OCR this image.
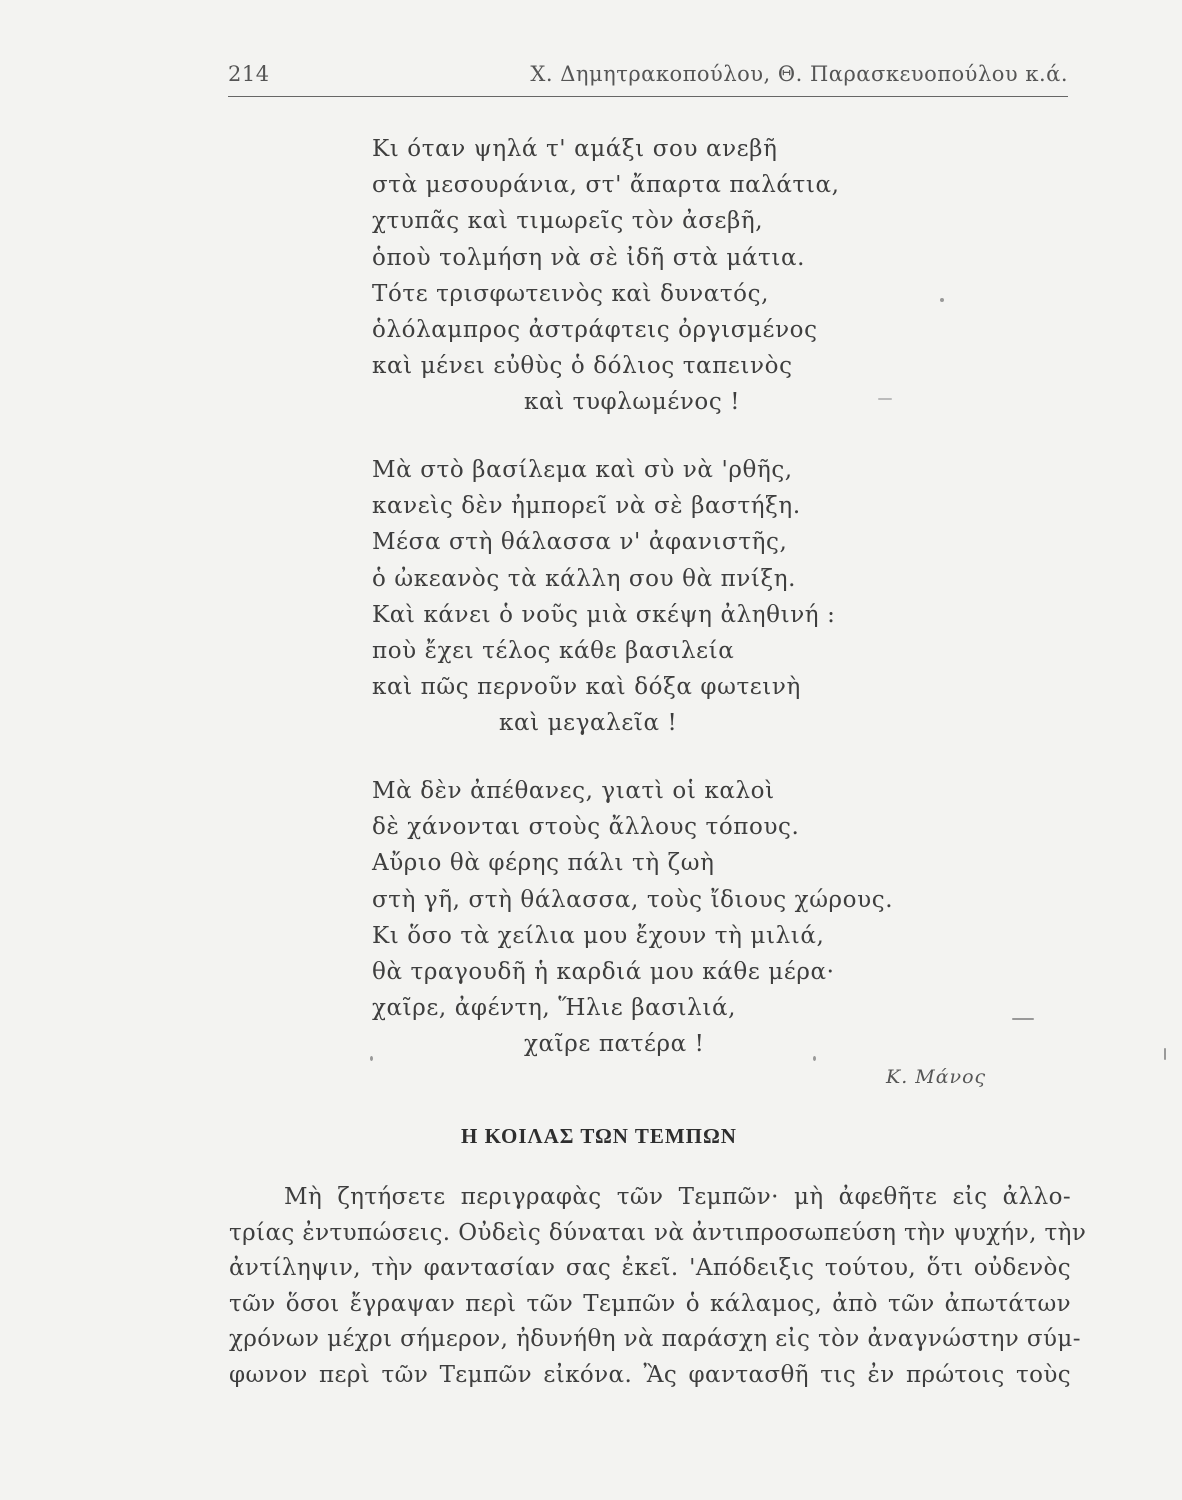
214	Χ. Δημητρακοπούλου, Θ. Παρασκευοπούλου κ.ά.
Κι όταν ψηλά τ' αμάξι σου ανεβῆ
στὰ μεσουράνια, στ' ἄπαρτα παλάτια,
χτυπᾶς καὶ τιμωρεῖς τὸν ἀσεβῆ,
ὁποὺ τολμήση νὰ σὲ ἰδῆ στὰ μάτια.
Τότε τρισφωτεινὸς καὶ δυνατός,
ὁλόλαμπρος ἀστράφτεις ὀργισμένος
καὶ μένει εὐθὺς ὁ δόλιος ταπεινὸς
καὶ τυφλωμένος !
Μὰ στὸ βασίλεμα καὶ σὺ νὰ 'ρθῆς,
κανεὶς δὲν ἠμπορεῖ νὰ σὲ βαστήξη.
Μέσα στὴ θάλασσα ν' ἀφανιστῆς,
ὁ ὠκεανὸς τὰ κάλλη σου θὰ πνίξη.
Καὶ κάνει ὁ νοῦς μιὰ σκέψη ἀληθινή :
ποὺ ἔχει τέλος κάθε βασιλεία
καὶ πῶς περνοῦν καὶ δόξα φωτεινὴ
καὶ μεγαλεῖα !
Μὰ δὲν ἀπέθανες, γιατὶ οἱ καλοὶ
δὲ χάνονται στοὺς ἄλλους τόπους.
Αὔριο θὰ φέρης πάλι τὴ ζωὴ
στὴ γῆ, στὴ θάλασσα, τοὺς ἴδιους χώρους.
Κι ὅσο τὰ χείλια μου ἔχουν τὴ μιλιά,
θὰ τραγουδῆ ἡ καρδιά μου κάθε μέρα·
χαῖρε, ἀφέντη, Ἥλιε βασιλιά,
χαῖρε πατέρα !
Κ. Μάνος
Η ΚΟΙΛΑΣ ΤΩΝ ΤΕΜΠΩΝ
Μὴ ζητήσετε περιγραφὰς τῶν Τεμπῶν· μὴ ἀφεθῆτε εἰς ἀλλο-
τρίας ἐντυπώσεις. Οὐδεὶς δύναται νὰ ἀντιπροσωπεύση τὴν ψυχήν, τὴν
ἀντίληψιν, τὴν φαντασίαν σας ἐκεῖ. 'Απόδειξις τούτου, ὅτι οὐδενὸς
τῶν ὅσοι ἔγραψαν περὶ τῶν Τεμπῶν ὁ κάλαμος, ἀπὸ τῶν ἀπωτάτων
χρόνων μέχρι σήμερον, ἠδυνήθη νὰ παράσχη εἰς τὸν ἀναγνώστην σύμ-
φωνον περὶ τῶν Τεμπῶν εἰκόνα. Ἂς φαντασθῆ τις ἐν πρώτοις τοὺς
